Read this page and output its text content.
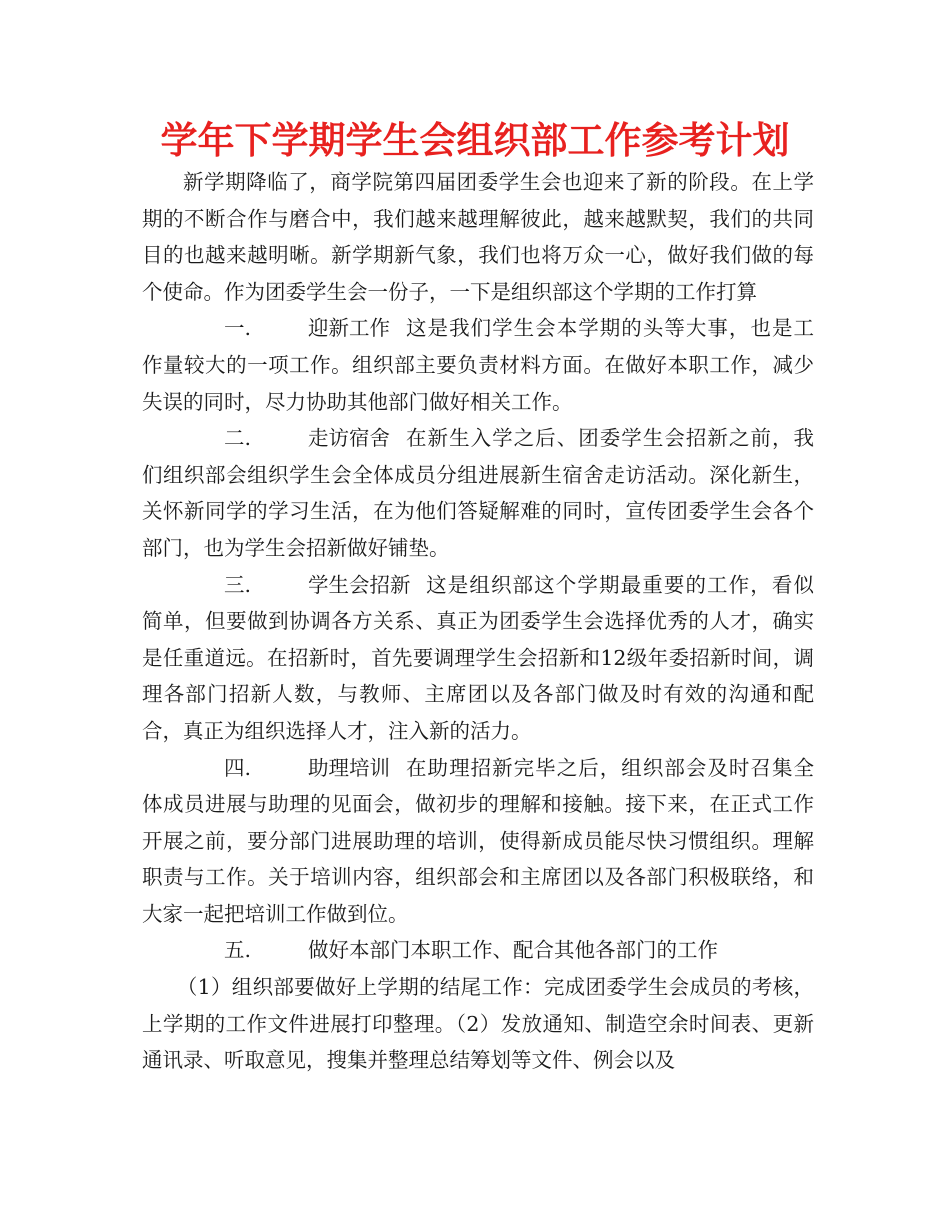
学年下学期学生会组织部工作参考计划

新学期降临了，商学院第四届团委学生会也迎来了新的阶段。在上学期的不断合作与磨合中，我们越来越理解彼此，越来越默契，我们的共同目的也越来越明晰。新学期新气象，我们也将万众一心，做好我们做的每个使命。作为团委学生会一份子，一下是组织部这个学期的工作打算

一.	迎新工作 这是我们学生会本学期的头等大事，也是工作量较大的一项工作。组织部主要负责材料方面。在做好本职工作，减少失误的同时，尽力协助其他部门做好相关工作。

二.	走访宿舍 在新生入学之后、团委学生会招新之前，我们组织部会组织学生会全体成员分组进展新生宿舍走访活动。深化新生，关怀新同学的学习生活，在为他们答疑解难的同时，宣传团委学生会各个部门，也为学生会招新做好铺垫。

三.	学生会招新 这是组织部这个学期最重要的工作，看似简单，但要做到协调各方关系、真正为团委学生会选择优秀的人才，确实是任重道远。在招新时，首先要调理学生会招新和12级年委招新时间，调理各部门招新人数，与教师、主席团以及各部门做及时有效的沟通和配合，真正为组织选择人才，注入新的活力。

四.	助理培训 在助理招新完毕之后，组织部会及时召集全体成员进展与助理的见面会，做初步的理解和接触。接下来，在正式工作开展之前，要分部门进展助理的培训，使得新成员能尽快习惯组织。理解职责与工作。关于培训内容，组织部会和主席团以及各部门积极联络，和大家一起把培训工作做到位。

五.	做好本部门本职工作、配合其他各部门的工作

（1）组织部要做好上学期的结尾工作：完成团委学生会成员的考核，上学期的工作文件进展打印整理。（2）发放通知、制造空余时间表、更新通讯录、听取意见，搜集并整理总结筹划等文件、例会以及
